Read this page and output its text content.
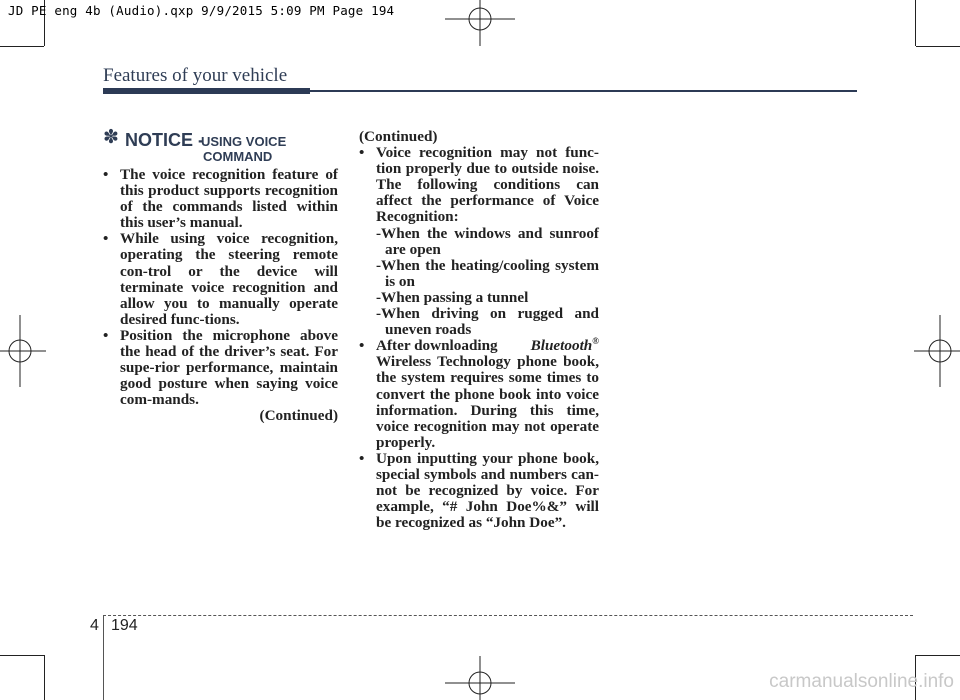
JD PE eng 4b (Audio).qxp 9/9/2015 5:09 PM Page 194
Features of your vehicle
✽ NOTICE -
USING VOICE
COMMAND
• The voice recognition feature of this product supports recognition of the commands listed within this user’s manual.
• While using voice recognition, operating the steering remote con-trol or the device will terminate voice recognition and allow you to manually operate desired func-tions.
• Position the microphone above the head of the driver’s seat. For supe-rior performance, maintain good posture when saying voice com-mands.
(Continued)
(Continued)
• Voice recognition may not func-tion properly due to outside noise. The following conditions can affect the performance of Voice Recognition:
-When the windows and sunroof are open
-When the heating/cooling system is on
-When passing a tunnel
-When driving on rugged and uneven roads
• After downloading Bluetooth®
Wireless Technology phone book, the system requires some times to convert the phone book into voice information. During this time, voice recognition may not operate properly.
• Upon inputting your phone book, special symbols and numbers can-not be recognized by voice. For example, “# John Doe%&” will be recognized as “John Doe”.
4 194
carmanualsonline.info
